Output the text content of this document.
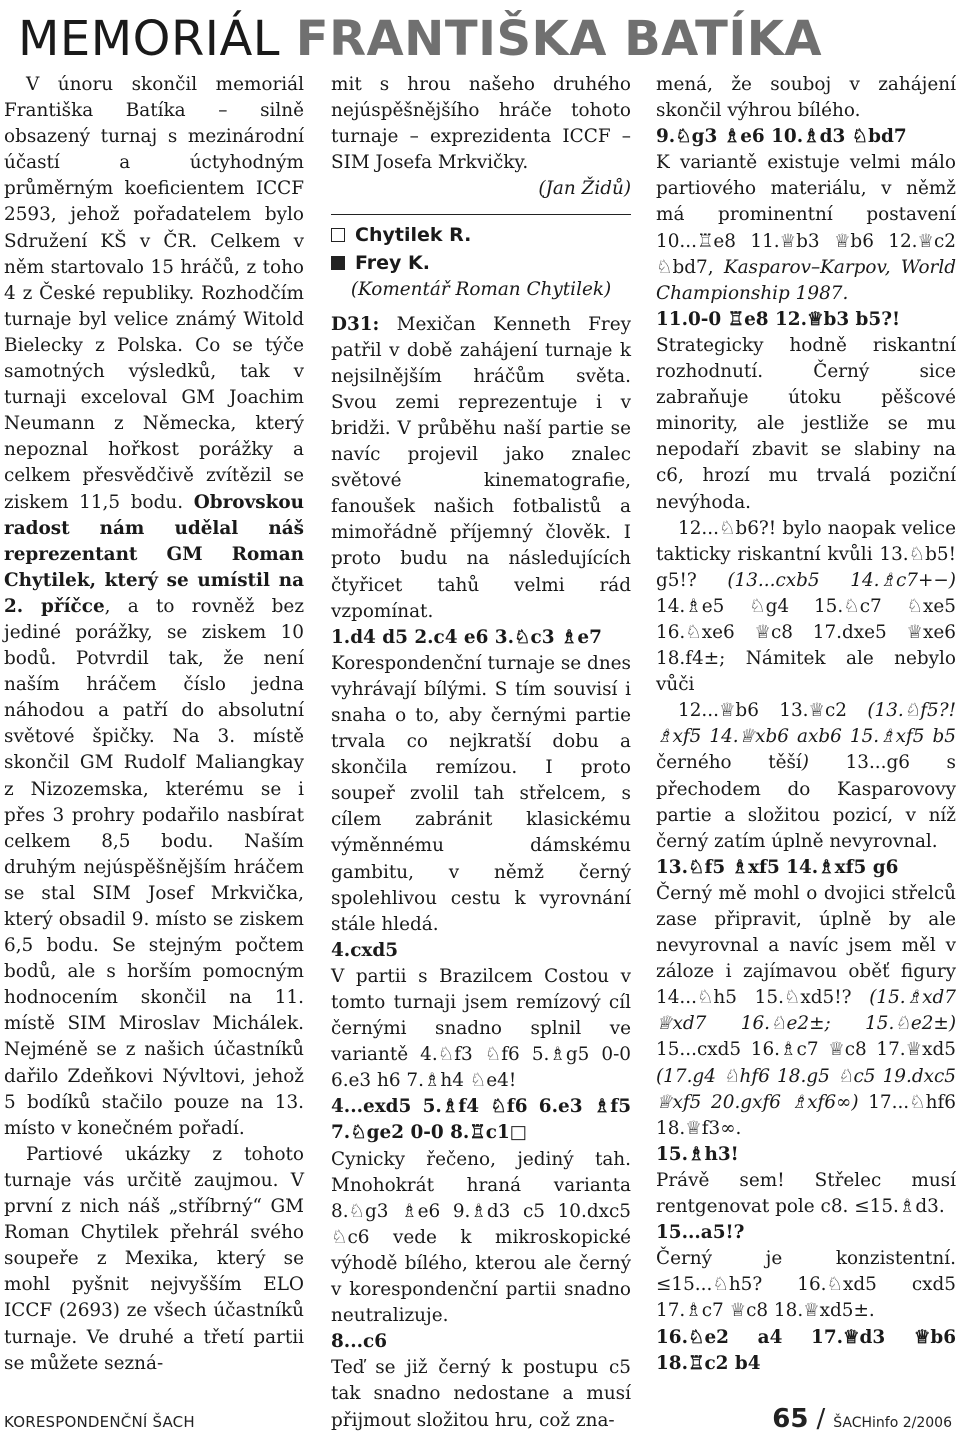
MEMORIÁL FRANTIŠKA BATÍKA

V únoru skončil memoriál Františka Batíka – silně obsazený turnaj s mezinárodní účastí a úctyhodným průměrným koeficientem ICCF 2593, jehož pořadatelem bylo Sdružení KŠ v ČR. Celkem v něm startovalo 15 hráčů, z toho 4 z České republiky. Rozhodčím turnaje byl velice známý Witold Bielecky z Polska. Co se týče samotných výsledků, tak v turnaji exceloval GM Joachim Neumann z Německa, který nepoznal hořkost porážky a celkem přesvědčivě zvítězil se ziskem 11,5 bodu. Obrovskou radost nám udělal náš reprezentant GM Roman Chytilek, který se umístil na 2. příčce, a to rovněž bez jediné porážky, se ziskem 10 bodů. Potvrdil tak, že není naším hráčem číslo jedna náhodou a patří do absolutní světové špičky. Na 3. místě skončil GM Rudolf Maliangkay z Nizozemska, kterému se i přes 3 prohry podařilo nasbírat celkem 8,5 bodu. Naším druhým nejúspěšnějším hráčem se stal SIM Josef Mrkvička, který obsadil 9. místo se ziskem 6,5 bodu. Se stejným počtem bodů, ale s horším pomocným hodnocením skončil na 11. místě SIM Miroslav Michálek. Nejméně se z našich účastníků dařilo Zdeňkovi Nývltovi, jehož 5 bodíků stačilo pouze na 13. místo v konečném pořadí.

Partiové ukázky z tohoto turnaje vás určitě zaujmou. V první z nich náš „stříbrný“ GM Roman Chytilek přehrál svého soupeře z Mexika, který se mohl pyšnit nejvyšším ELO ICCF (2693) ze všech účastníků turnaje. Ve druhé a třetí partii se můžete sezná-

mit s hrou našeho druhého nejúspěšnějšího hráče tohoto turnaje – exprezidenta ICCF – SIM Josefa Mrkvičky.

(Jan Židů)

Chytilek R.
Frey K.

(Komentář Roman Chytilek)

D31: Mexičan Kenneth Frey patřil v době zahájení turnaje k nejsilnějším hráčům světa. Svou zemi reprezentuje i v bridži. V průběhu naší partie se navíc projevil jako znalec světové kinematografie, fanoušek našich fotbalistů a mimořádně příjemný člověk. I proto budu na následujících čtyřicet tahů velmi rád vzpomínat.

1.d4 d5 2.c4 e6 3.♘c3 ♗e7

Korespondenční turnaje se dnes vyhrávají bílými. S tím souvisí i snaha o to, aby černými partie trvala co nejkratší dobu a skončila remízou. I proto soupeř zvolil tah střelcem, s cílem zabránit klasickému výměnnému dámskému gambitu, v němž černý spolehlivou cestu k vyrovnání stále hledá.

4.cxd5

V partii s Brazilcem Costou v tomto turnaji jsem remízový cíl černými snadno splnil ve variantě 4.♘f3 ♘f6 5.♗g5 0-0 6.e3 h6 7.♗h4 ♘e4!

4...exd5 5.♗f4 ♘f6 6.e3 ♗f5 7.♘ge2 0-0 8.♖c1□

Cynicky řečeno, jediný tah. Mnohokrát hraná varianta 8.♘g3 ♗e6 9.♗d3 c5 10.dxc5 ♘c6 vede k mikroskopické výhodě bílého, kterou ale černý v korespondenční partii snadno neutralizuje.

8...c6

Teď se již černý k postupu c5 tak snadno nedostane a musí přijmout složitou hru, což zna-

mená, že souboj v zahájení skončil výhrou bílého.

9.♘g3 ♗e6 10.♗d3 ♘bd7

K variantě existuje velmi málo partiového materiálu, v němž má prominentní postavení 10...♖e8 11.♕b3 ♕b6 12.♕c2 ♘bd7, Kasparov–Karpov, World Championship 1987.

11.0-0 ♖e8 12.♕b3 b5?!

Strategicky hodně riskantní rozhodnutí. Černý sice zabraňuje útoku pěšcové minority, ale jestliže se mu nepodaří zbavit se slabiny na c6, hrozí mu trvalá poziční nevýhoda.

12...♘b6?! bylo naopak velice takticky riskantní kvůli 13.♘b5! g5!? (13...cxb5 14.♗c7+−) 14.♗e5 ♘g4 15.♘c7 ♘xe5 16.♘xe6 ♕c8 17.dxe5 ♕xe6 18.f4±; Námitek ale nebylo vůči

12...♕b6 13.♕c2 (13.♘f5?! ♗xf5 14.♕xb6 axb6 15.♗xf5 b5 černého těší) 13...g6 s přechodem do Kasparovovy partie a složitou pozicí, v níž černý zatím úplně nevyrovnal.

13.♘f5 ♗xf5 14.♗xf5 g6

Černý mě mohl o dvojici střelců zase připravit, úplně by ale nevyrovnal a navíc jsem měl v záloze i zajímavou oběť figury 14...♘h5 15.♘xd5!? (15.♗xd7 ♕xd7 16.♘e2±; 15.♘e2±) 15...cxd5 16.♗c7 ♕c8 17.♕xd5 (17.g4 ♘hf6 18.g5 ♘c5 19.dxc5 ♕xf5 20.gxf6 ♗xf6∞) 17...♘hf6 18.♕f3∞.

15.♗h3!

Právě sem! Střelec musí rentgenovat pole c8. ≤15.♗d3.

15...a5!?

Černý je konzistentní. ≤15...♘h5? 16.♘xd5 cxd5 17.♗c7 ♕c8 18.♕xd5±.

16.♘e2 a4 17.♕d3 ♕b6 18.♖c2 b4

KORESPONDENČNÍ ŠACH	65 / ŠACHinfo 2/2006
